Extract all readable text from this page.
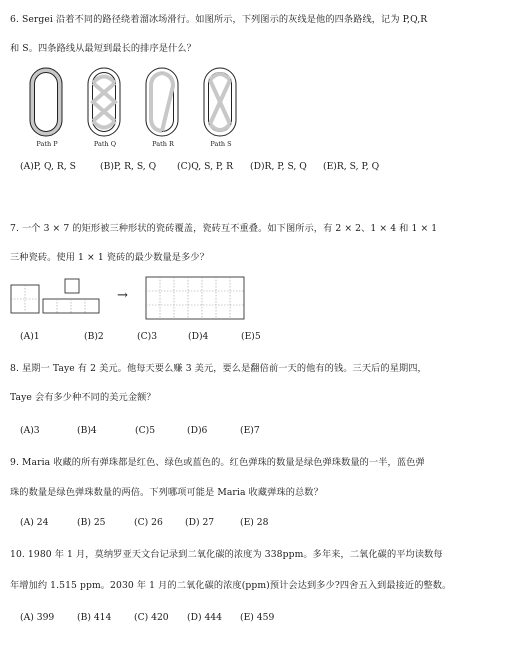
6. Sergei 沿着不同的路径绕着溜冰场滑行。如图所示，下列图示的灰线是他的四条路线，记为 P,Q,R
和 S。四条路线从最短到最长的排序是什么？
Path P	Path Q	Path R	Path S
(A)P, Q, R, S	(B)P, R, S, Q (C)Q, S, P, R (D)R, P, S, Q (E)R, S, P, Q
7. 一个 3 × 7 的矩形被三种形状的瓷砖覆盖，瓷砖互不重叠。如下图所示，有 2 × 2、1 × 4 和 1 × 1
三种瓷砖。使用 1 × 1 瓷砖的最少数量是多少？
→
(A)1	(B)2	(C)3	(D)4	(E)5
8. 星期一 Taye 有 2 美元。他每天要么赚 3 美元，要么是翻倍前一天的他有的钱。三天后的星期四，
Taye 会有多少种不同的美元金额？
(A)3	(B)4	(C)5	(D)6	(E)7
9. Maria 收藏的所有弹珠都是红色、绿色或蓝色的。红色弹珠的数量是绿色弹珠数量的一半，蓝色弹
珠的数量是绿色弹珠数量的两倍。下列哪项可能是 Maria 收藏弹珠的总数？
(A) 24	(B) 25	(C) 26 (D) 27	(E) 28
10. 1980 年 1 月，莫纳罗亚天文台记录到二氧化碳的浓度为 338ppm。多年来，二氧化碳的平均读数每
年增加约 1.515 ppm。2030 年 1 月的二氧化碳的浓度(ppm)预计会达到多少?四舍五入到最接近的整数。
(A) 399 (B) 414 (C) 420 (D) 444 (E) 459
